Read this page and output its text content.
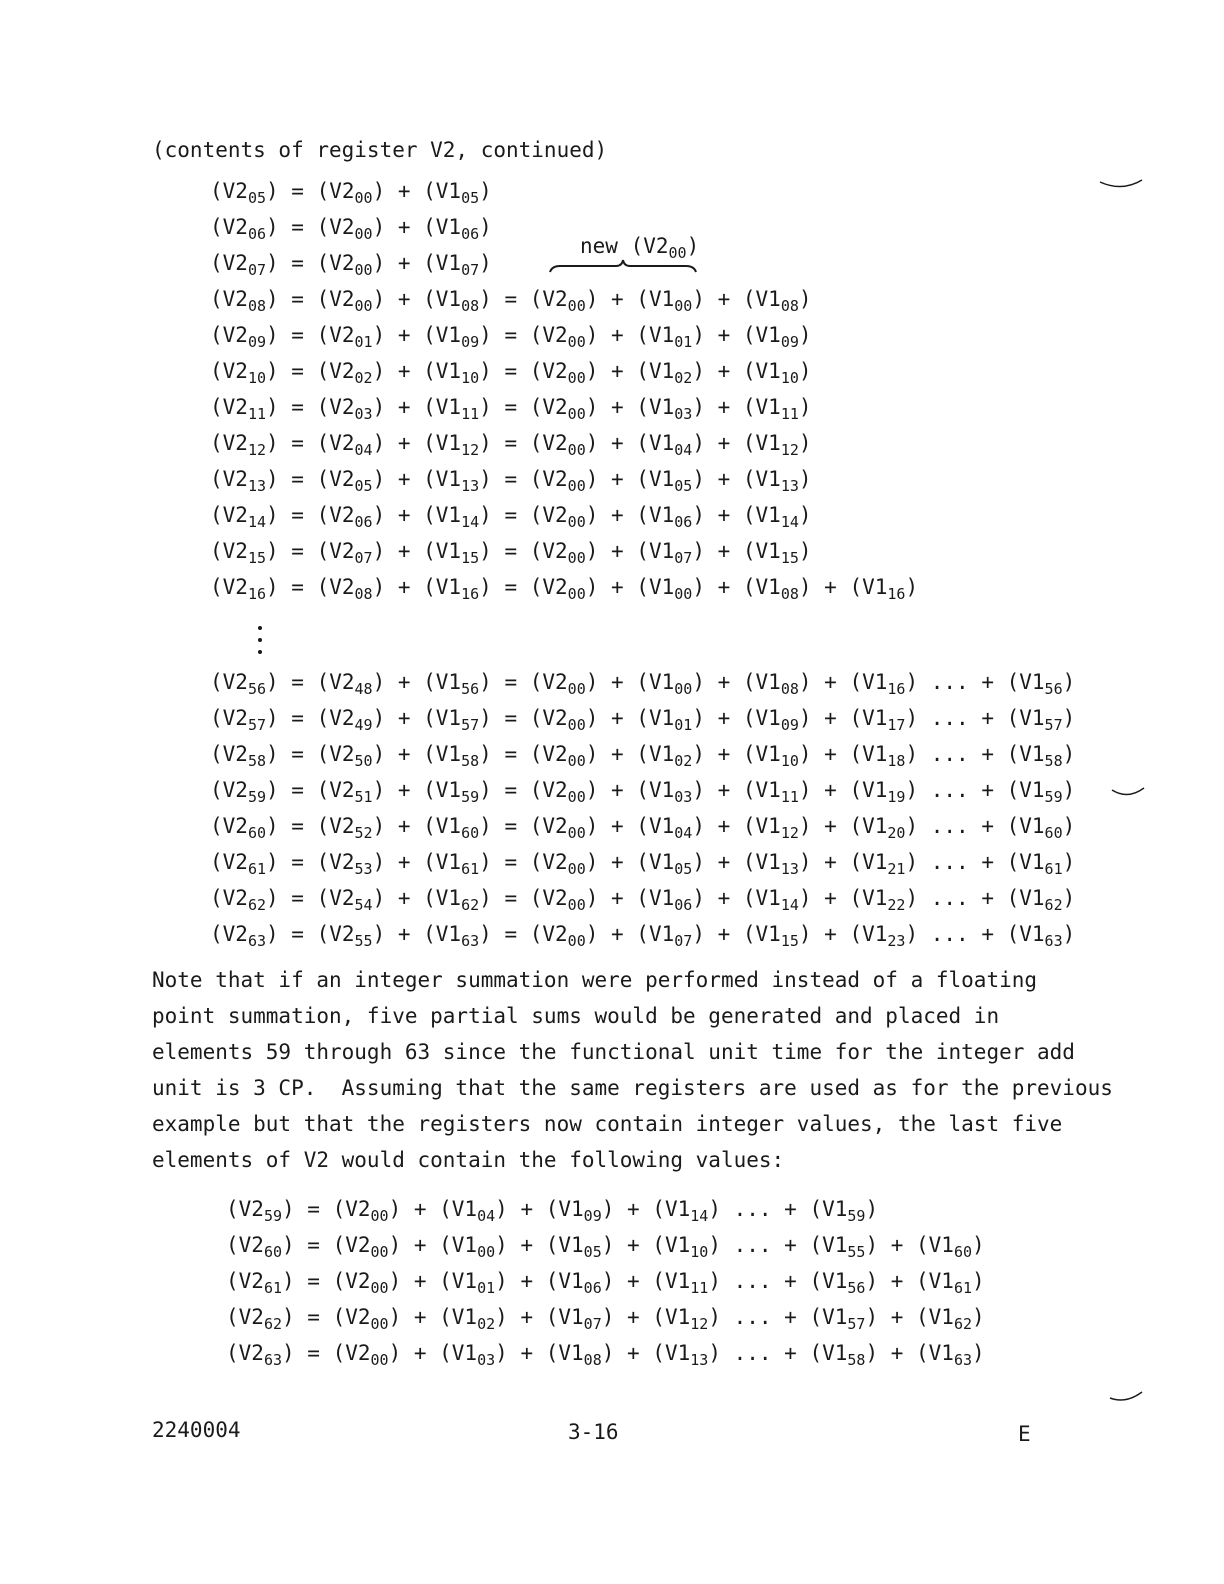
(contents of register V2, continued)
new $(V2_{00})$
$(V2_{05}) = (V2_{00}) + (V1_{05})$
$(V2_{06}) = (V2_{00}) + (V1_{06})$
$(V2_{07}) = (V2_{00}) + (V1_{07})$
$(V2_{08}) = (V2_{00}) + (V1_{08}) = (V2_{00}) + (V1_{00}) + (V1_{08})$
$(V2_{09}) = (V2_{01}) + (V1_{09}) = (V2_{00}) + (V1_{01}) + (V1_{09})$
$(V2_{10}) = (V2_{02}) + (V1_{10}) = (V2_{00}) + (V1_{02}) + (V1_{10})$
$(V2_{11}) = (V2_{03}) + (V1_{11}) = (V2_{00}) + (V1_{03}) + (V1_{11})$
$(V2_{12}) = (V2_{04}) + (V1_{12}) = (V2_{00}) + (V1_{04}) + (V1_{12})$
$(V2_{13}) = (V2_{05}) + (V1_{13}) = (V2_{00}) + (V1_{05}) + (V1_{13})$
$(V2_{14}) = (V2_{06}) + (V1_{14}) = (V2_{00}) + (V1_{06}) + (V1_{14})$
$(V2_{15}) = (V2_{07}) + (V1_{15}) = (V2_{00}) + (V1_{07}) + (V1_{15})$
$(V2_{16}) = (V2_{08}) + (V1_{16}) = (V2_{00}) + (V1_{00}) + (V1_{08}) + (V1_{16})$
$(V2_{56}) = (V2_{48}) + (V1_{56}) = (V2_{00}) + (V1_{00}) + (V1_{08}) + (V1_{16})$ ... + $(V1_{56})$
$(V2_{57}) = (V2_{49}) + (V1_{57}) = (V2_{00}) + (V1_{01}) + (V1_{09}) + (V1_{17})$ ... + $(V1_{57})$
$(V2_{58}) = (V2_{50}) + (V1_{58}) = (V2_{00}) + (V1_{02}) + (V1_{10}) + (V1_{18})$ ... + $(V1_{58})$
$(V2_{59}) = (V2_{51}) + (V1_{59}) = (V2_{00}) + (V1_{03}) + (V1_{11}) + (V1_{19})$ ... + $(V1_{59})$
$(V2_{60}) = (V2_{52}) + (V1_{60}) = (V2_{00}) + (V1_{04}) + (V1_{12}) + (V1_{20})$ ... + $(V1_{60})$
$(V2_{61}) = (V2_{53}) + (V1_{61}) = (V2_{00}) + (V1_{05}) + (V1_{13}) + (V1_{21})$ ... + $(V1_{61})$
$(V2_{62}) = (V2_{54}) + (V1_{62}) = (V2_{00}) + (V1_{06}) + (V1_{14}) + (V1_{22})$ ... + $(V1_{62})$
$(V2_{63}) = (V2_{55}) + (V1_{63}) = (V2_{00}) + (V1_{07}) + (V1_{15}) + (V1_{23})$ ... + $(V1_{63})$

Note that if an integer summation were performed instead of a floating

point summation, five partial sums would be generated and placed in

elements 59 through 63 since the functional unit time for the integer add

unit is 3 CP.  Assuming that the same registers are used as for the previous

example but that the registers now contain integer values, the last five

elements of V2 would contain the following values:

$(V2_{59}) = (V2_{00}) + (V1_{04}) + (V1_{09}) + (V1_{14})$ ... + $(V1_{59})$
$(V2_{60}) = (V2_{00}) + (V1_{00}) + (V1_{05}) + (V1_{10})$ ... + $(V1_{55}) + (V1_{60})$
$(V2_{61}) = (V2_{00}) + (V1_{01}) + (V1_{06}) + (V1_{11})$ ... + $(V1_{56}) + (V1_{61})$
$(V2_{62}) = (V2_{00}) + (V1_{02}) + (V1_{07}) + (V1_{12})$ ... + $(V1_{57}) + (V1_{62})$
$(V2_{63}) = (V2_{00}) + (V1_{03}) + (V1_{08}) + (V1_{13})$ ... + $(V1_{58}) + (V1_{63})$
2240004	3-16	E
